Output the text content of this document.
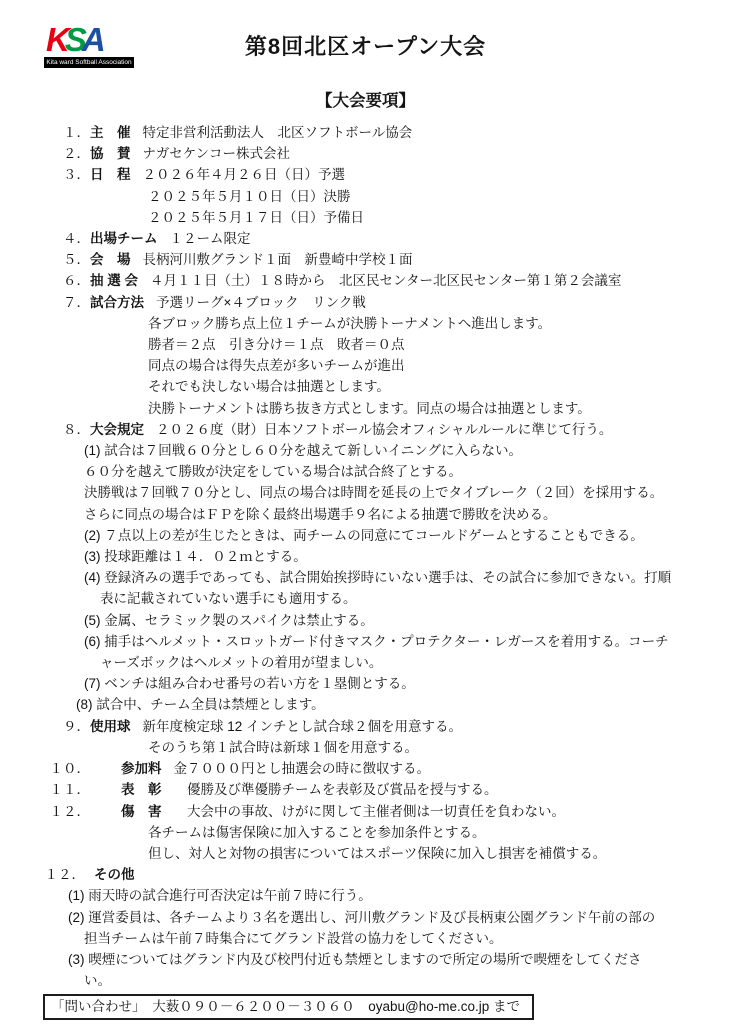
KSA
Kita ward Softball Association
第8回北区オープン大会
【大会要項】
１．主　催 特定非営利活動法人　北区ソフトボール協会
２．協　賛 ナガセケンコー株式会社
３．日　程 ２０２６年４月２６日（日）予選
２０２５年５月１０日（日）決勝
２０２５年５月１７日（日）予備日
４．出場チーム １２ーム限定
５．会　場 長柄河川敷グランド１面　新豊崎中学校１面
６．抽 選 会 ４月１１日（土）１８時から　北区民センター北区民センター第１第２会議室
７．試合方法 予選リーグ×４ブロック　リンク戦
各ブロック勝ち点上位１チームが決勝トーナメントへ進出します。
勝者＝２点　引き分け＝１点　敗者＝０点
同点の場合は得失点差が多いチームが進出
それでも決しない場合は抽選とします。
決勝トーナメントは勝ち抜き方式とします。同点の場合は抽選とします。
８．大会規定 ２０２６度（財）日本ソフトボール協会オフィシャルルールに準じて行う。
(1) 試合は７回戦６０分とし６０分を越えて新しいイニングに入らない。
６０分を越えて勝敗が決定をしている場合は試合終了とする。
決勝戦は７回戦７０分とし、同点の場合は時間を延長の上でタイブレーク（２回）を採用する。
さらに同点の場合はＦＰを除く最終出場選手９名による抽選で勝敗を決める。
(2) ７点以上の差が生じたときは、両チームの同意にてコールドゲームとすることもできる。
(3) 投球距離は１４．０２ｍとする。
(4) 登録済みの選手であっても、試合開始挨拶時にいない選手は、その試合に参加できない。打順
表に記載されていない選手にも適用する。
(5) 金属、セラミック製のスパイクは禁止する。
(6) 捕手はヘルメット・スロットガード付きマスク・プロテクター・レガースを着用する。コーチ
ャーズボックはヘルメットの着用が望ましい。
(7) ベンチは組み合わせ番号の若い方を１塁側とする。
(8) 試合中、チーム全員は禁煙とします。
９．使用球 新年度検定球 12 インチとし試合球２個を用意する。
そのうち第１試合時は新球１個を用意する。
１０． 参加料 金７０００円とし抽選会の時に徴収する。
１１． 表　彰　優勝及び準優勝チームを表彰及び賞品を授与する。
１２． 傷　害　大会中の事故、けがに関して主催者側は一切責任を負わない。
各チームは傷害保険に加入することを参加条件とする。
但し、対人と対物の損害についてはスポーツ保険に加入し損害を補償する。
１２． その他
(1) 雨天時の試合進行可否決定は午前７時に行う。
(2) 運営委員は、各チームより３名を選出し、河川敷グランド及び長柄東公園グランド午前の部の
担当チームは午前７時集合にてグランド設営の協力をしてください。
(3) 喫煙についてはグランド内及び校門付近も禁煙としますので所定の場所で喫煙をしてくださ
い。
「問い合わせ」　大薮０９０－６２００－３０６０　oyabu@ho-me.co.jp まで
